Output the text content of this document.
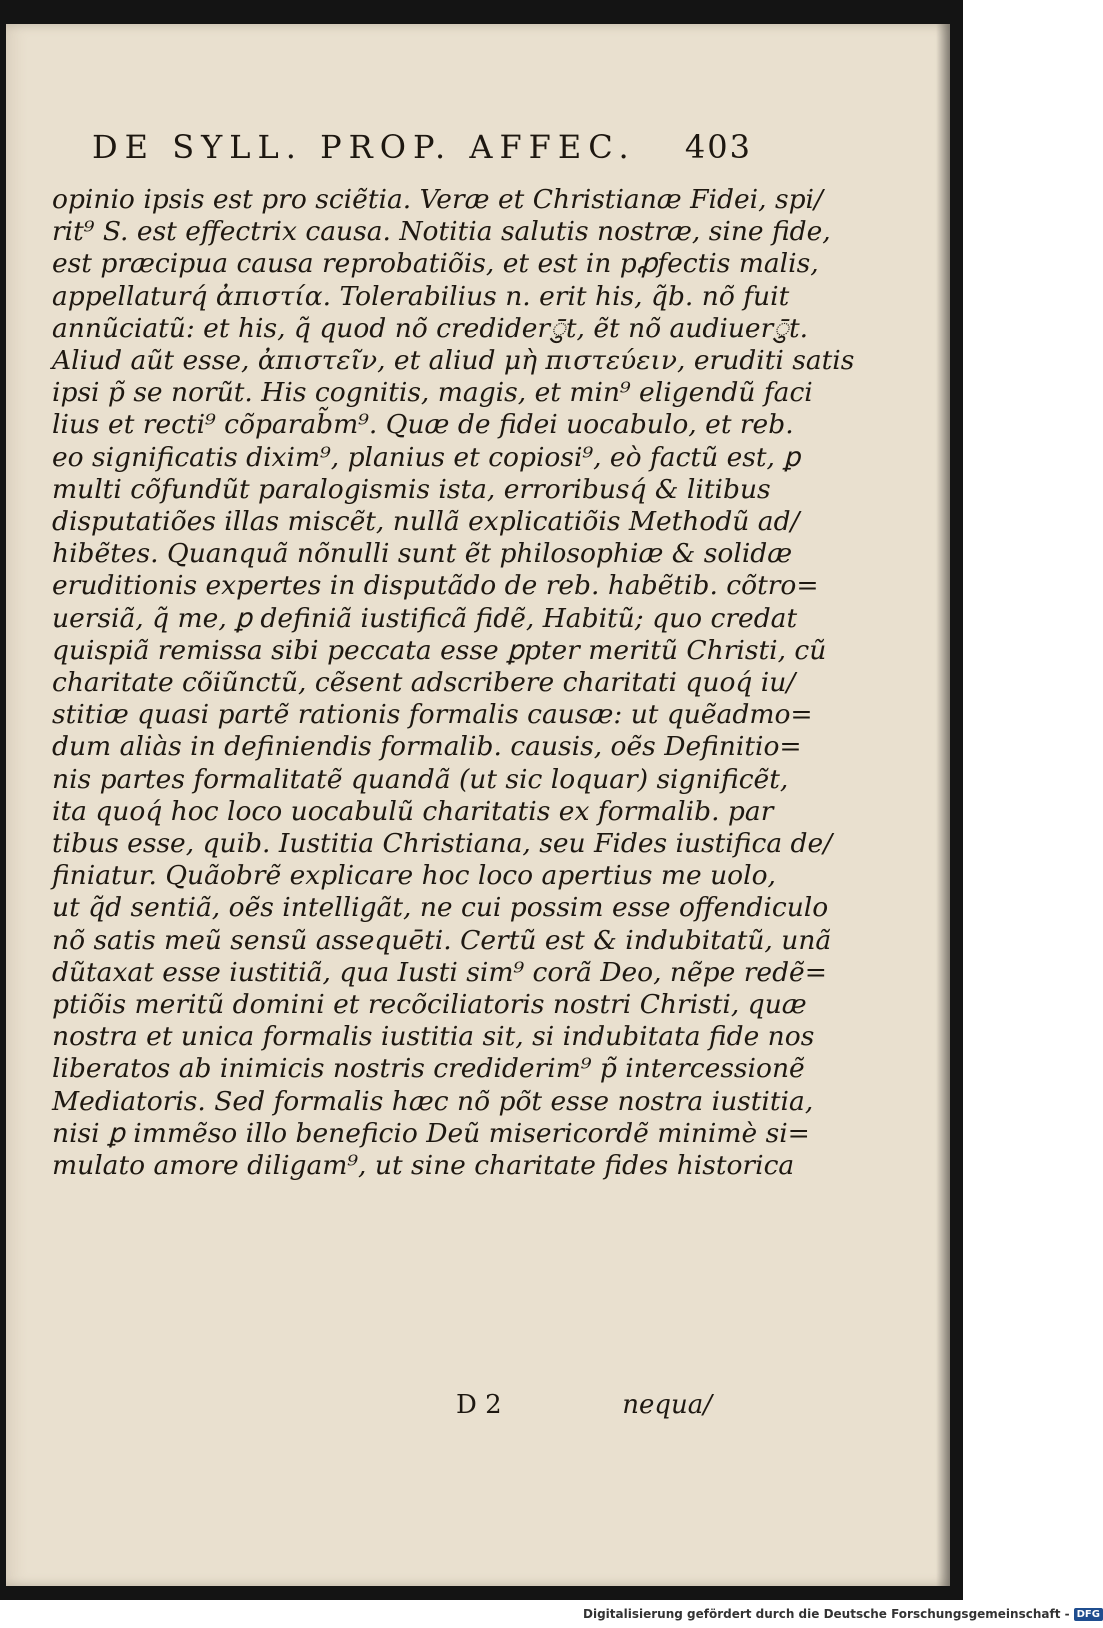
DE SYLL. PROP. AFFEC. 403
opinio ipsis est pro sciẽtia. Veræ et Christianæ Fidei, spi/
rit⁹ S. est effectrix causa. Notitia salutis nostræ, sine fide,
est præcipua causa reprobatiõis, et est in pꝓfectis malis,
appellaturq́ ἀπιστία. Tolerabilius n. erit his, q̃b. nõ fuit
annũciatũ: et his, q̃ quod nõ crediderु̄t, ẽt nõ audiuerु̄t.
Aliud aũt esse, ἀπιστεῖν, et aliud μὴ πιστεύειν, eruditi satis
ipsi p̃ se norũt. His cognitis, magis, et min⁹ eligendũ faci
lius et recti⁹ cõparab̃m⁹. Quæ de fidei uocabulo, et reb.
eo significatis dixim⁹, planius et copiosi⁹, eò factũ est, ꝑ
multi cõfundũt paralogismis ista, erroribusq́ & litibus
disputatiões illas miscẽt, nullã explicatiõis Methodũ ad/
hibẽtes. Quanquã nõnulli sunt ẽt philosophiæ & solidæ
eruditionis expertes in disputãdo de reb. habẽtib. cõtro=
uersiã, q̃ me, ꝑ definiã iustificã fidẽ, Habitũ; quo credat
quispiã remissa sibi peccata esse ꝑpter meritũ Christi, cũ
charitate cõiũnctũ, cẽsent adscribere charitati quoq́ iu/
stitiæ quasi partẽ rationis formalis causæ: ut quẽadmo=
dum aliàs in definiendis formalib. causis, oẽs Definitio=
nis partes formalitatẽ quandã (ut sic loquar) significẽt,
ita quoq́ hoc loco uocabulũ charitatis ex formalib. par
tibus esse, quib. Iustitia Christiana, seu Fides iustifica de/
finiatur. Quãobrẽ explicare hoc loco apertius me uolo,
ut q̃d sentiã, oẽs intelligãt, ne cui possim esse offendiculo
nõ satis meũ sensũ assequēti. Certũ est & indubitatũ, unã
dũtaxat esse iustitiã, qua Iusti sim⁹ corã Deo, nẽpe redẽ=
ptiõis meritũ domini et recõciliatoris nostri Christi, quæ
nostra et unica formalis iustitia sit, si indubitata fide nos
liberatos ab inimicis nostris crediderim⁹ p̃ intercessionẽ
Mediatoris. Sed formalis hæc nõ põt esse nostra iustitia,
nisi ꝑ immẽso illo beneficio Deũ misericordẽ minimè si=
mulato amore diligam⁹, ut sine charitate fides historica
D 2	nequa/
Digitalisierung gefördert durch die Deutsche Forschungsgemeinschaft - DFG
